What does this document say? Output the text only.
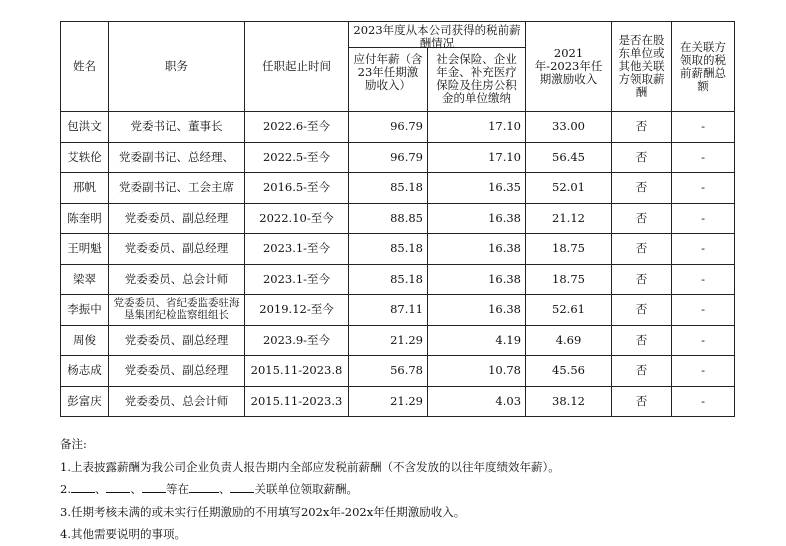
姓名	职务	任职起止时间	2023年度从本公司获得的税前薪酬情况		2021年-2023年任期激励收入	是否在股东单位或其他关联方领取薪酬	在关联方领取的税前薪酬总额

			应付年薪（含23年任期激励收入）	社会保险、企业年金、补充医疗保险及住房公积金的单位缴纳			

包洪文	党委书记、董事长	2022.6-至今	96.79	17.10	33.00	否	-
艾轶伦	党委副书记、总经理、	2022.5-至今	96.79	17.10	56.45	否	-
邢帆	党委副书记、工会主席	2016.5-至今	85.18	16.35	52.01	否	-
陈奎明	党委委员、副总经理	2022.10-至今	88.85	16.38	21.12	否	-
王明魁	党委委员、副总经理	2023.1-至今	85.18	16.38	18.75	否	-
梁翠	党委委员、总会计师	2023.1-至今	85.18	16.38	18.75	否	-
李振中	党委委员、省纪委监委驻海垦集团纪检监察组组长	2019.12-至今	87.11	16.38	52.61	否	-
周俊	党委委员、副总经理	2023.9-至今	21.29	4.19	4.69	否	-
杨志成	党委委员、副总经理	2015.11-2023.8	56.78	10.78	45.56	否	-
彭富庆	党委委员、总会计师	2015.11-2023.3	21.29	4.03	38.12	否	-
备注:
1.上表披露薪酬为我公司企业负责人报告期内全部应发税前薪酬（不含发放的以往年度绩效年薪）。
2. 、 、 等在	、 关联单位领取薪酬。
3.任期考核未满的或未实行任期激励的不用填写202x年-202x年任期激励收入。
4.其他需要说明的事项。
